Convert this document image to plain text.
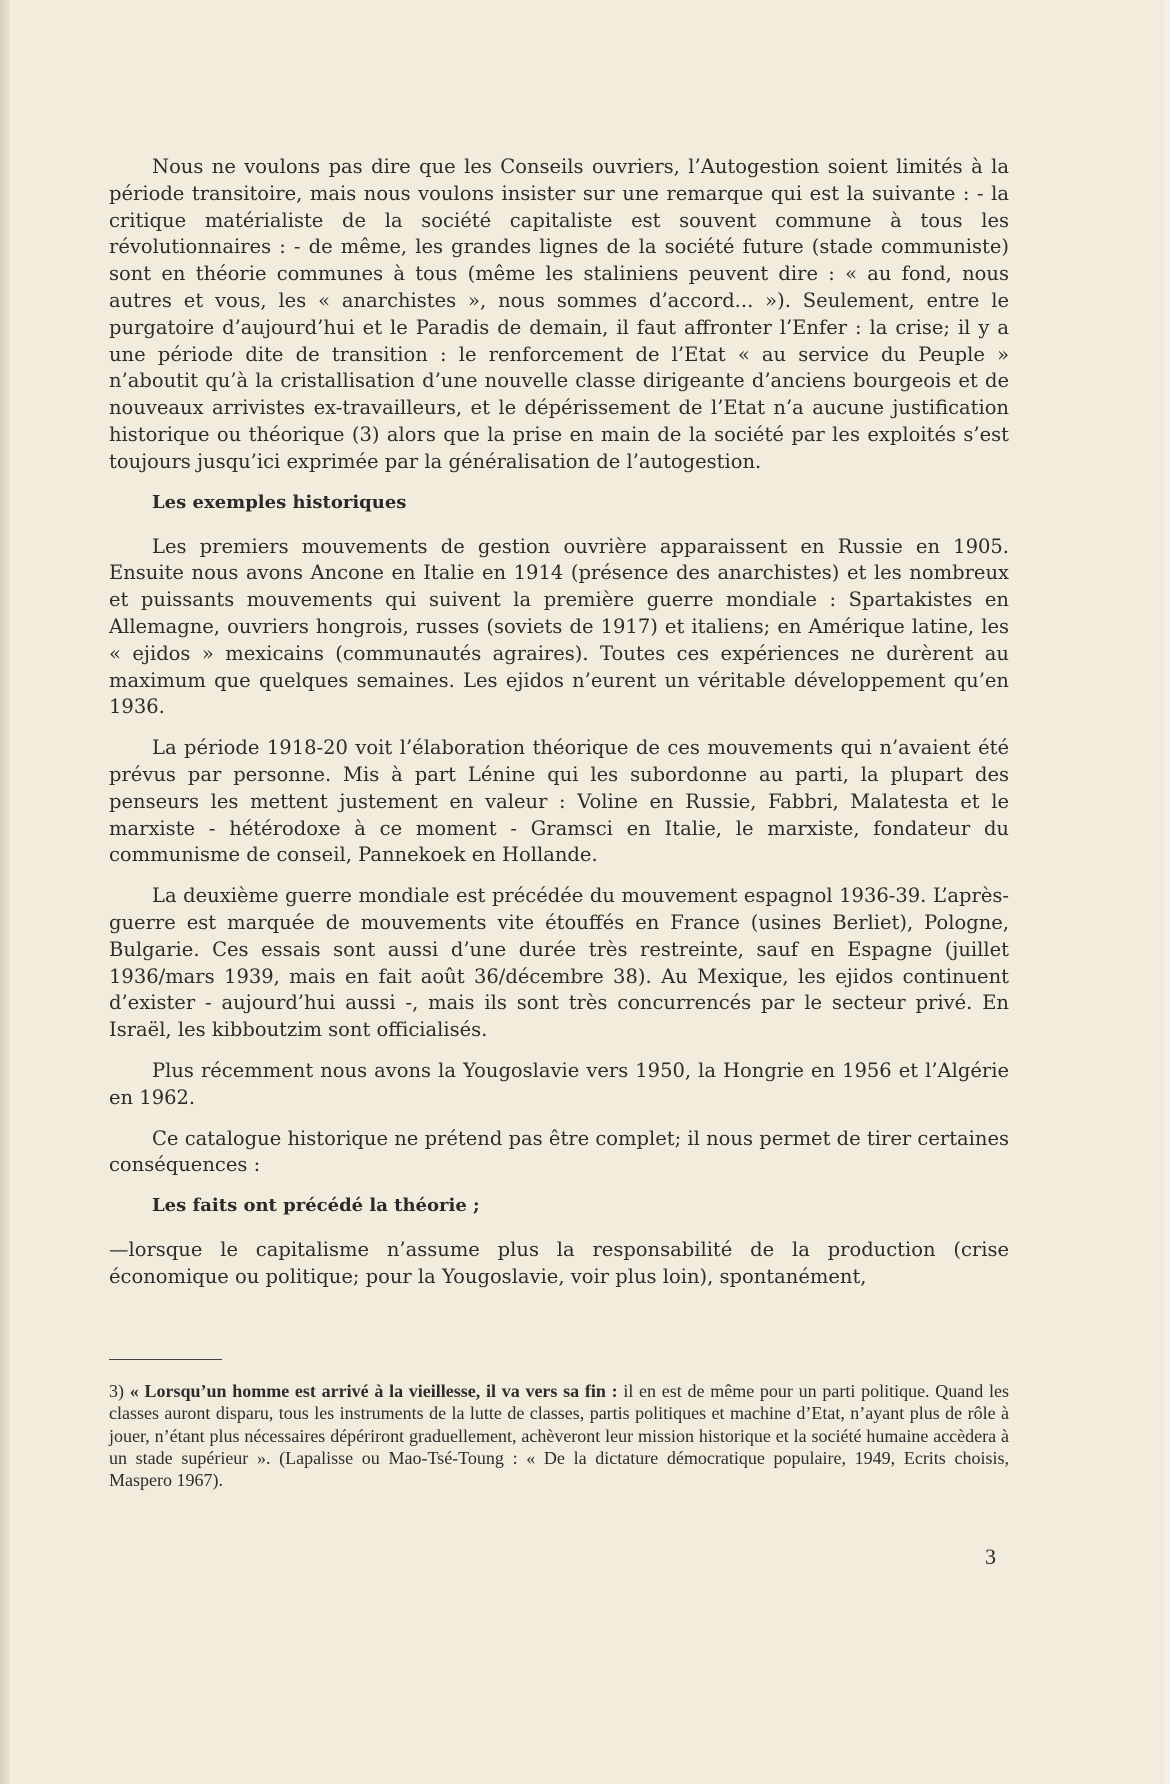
Nous ne voulons pas dire que les Conseils ouvriers, l’Autogestion soient limités à la période transitoire, mais nous voulons insister sur une remarque qui est la suivante : - la critique matérialiste de la société capitaliste est souvent commune à tous les révolutionnaires : - de même, les grandes lignes de la société future (stade communiste) sont en théorie communes à tous (même les staliniens peuvent dire : « au fond, nous autres et vous, les « anarchistes », nous sommes d’accord... »). Seulement, entre le purgatoire d’aujourd’hui et le Paradis de demain, il faut affronter l’Enfer : la crise; il y a une période dite de transition : le renforcement de l’Etat « au service du Peuple » n’aboutit qu’à la cristallisation d’une nouvelle classe dirigeante d’anciens bourgeois et de nouveaux arrivistes ex-travailleurs, et le dépérissement de l’Etat n’a aucune justification historique ou théorique (3) alors que la prise en main de la société par les exploités s’est toujours jusqu’ici exprimée par la généralisation de l’autogestion.

Les exemples historiques

Les premiers mouvements de gestion ouvrière apparaissent en Russie en 1905. Ensuite nous avons Ancone en Italie en 1914 (présence des anarchistes) et les nombreux et puissants mouvements qui suivent la première guerre mondiale : Spartakistes en Allemagne, ouvriers hongrois, russes (soviets de 1917) et italiens; en Amérique latine, les « ejidos » mexicains (communautés agraires). Toutes ces expériences ne durèrent au maximum que quelques semaines. Les ejidos n’eurent un véritable développement qu’en 1936.

La période 1918-20 voit l’élaboration théorique de ces mouvements qui n’avaient été prévus par personne. Mis à part Lénine qui les subordonne au parti, la plupart des penseurs les mettent justement en valeur : Voline en Russie, Fabbri, Malatesta et le marxiste - hétérodoxe à ce moment - Gramsci en Italie, le marxiste, fondateur du communisme de conseil, Pannekoek en Hollande.

La deuxième guerre mondiale est précédée du mouvement espagnol 1936-39. L’après-guerre est marquée de mouvements vite étouffés en France (usines Berliet), Pologne, Bulgarie. Ces essais sont aussi d’une durée très restreinte, sauf en Espagne (juillet 1936/mars 1939, mais en fait août 36/décembre 38). Au Mexique, les ejidos continuent d’exister - aujourd’hui aussi -, mais ils sont très concurrencés par le secteur privé. En Israël, les kibboutzim sont officialisés.

Plus récemment nous avons la Yougoslavie vers 1950, la Hongrie en 1956 et l’Algérie en 1962.

Ce catalogue historique ne prétend pas être complet; il nous permet de tirer certaines conséquences :

Les faits ont précédé la théorie ;

—lorsque le capitalisme n’assume plus la responsabilité de la production (crise économique ou politique; pour la Yougoslavie, voir plus loin), spontanément,

3) « Lorsqu’un homme est arrivé à la vieillesse, il va vers sa fin : il en est de même pour un parti politique. Quand les classes auront disparu, tous les instruments de la lutte de classes, partis politiques et machine d’Etat, n’ayant plus de rôle à jouer, n’étant plus nécessaires dépériront graduellement, achèveront leur mission historique et la société humaine accèdera à un stade supérieur ». (Lapalisse ou Mao-Tsé-Toung : « De la dictature démocratique populaire, 1949, Ecrits choisis, Maspero 1967).
3
